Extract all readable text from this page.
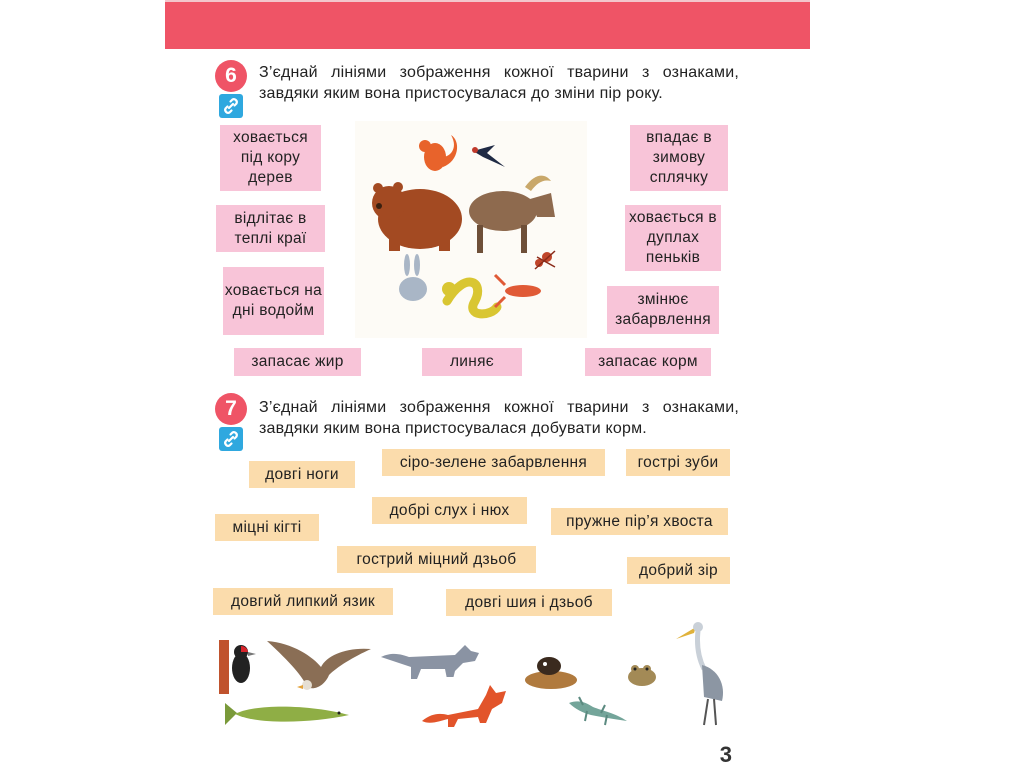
6	З’єднай лініями зображення кожної тварини з ознаками, завдяки яким вона пристосувалася до зміни пір року.
ховається під кору дерев
відлітає в теплі краї
ховається на дні водойм
впадає в зимову сплячку
ховається в дуплах пеньків
змінює забарвлення
запасає жир	линяє	запасає корм
7	З’єднай лініями зображення кожної тварини з ознаками, завдяки яким вона пристосувалася добувати корм.
довгі ноги
сіро-зелене забарвлення	гострі зуби
добрі слух і нюх
міцні кігті	пружне пір’я хвоста
гострий міцний дзьоб
добрий зір
довгий липкий язик	довгі шия і дзьоб
3
